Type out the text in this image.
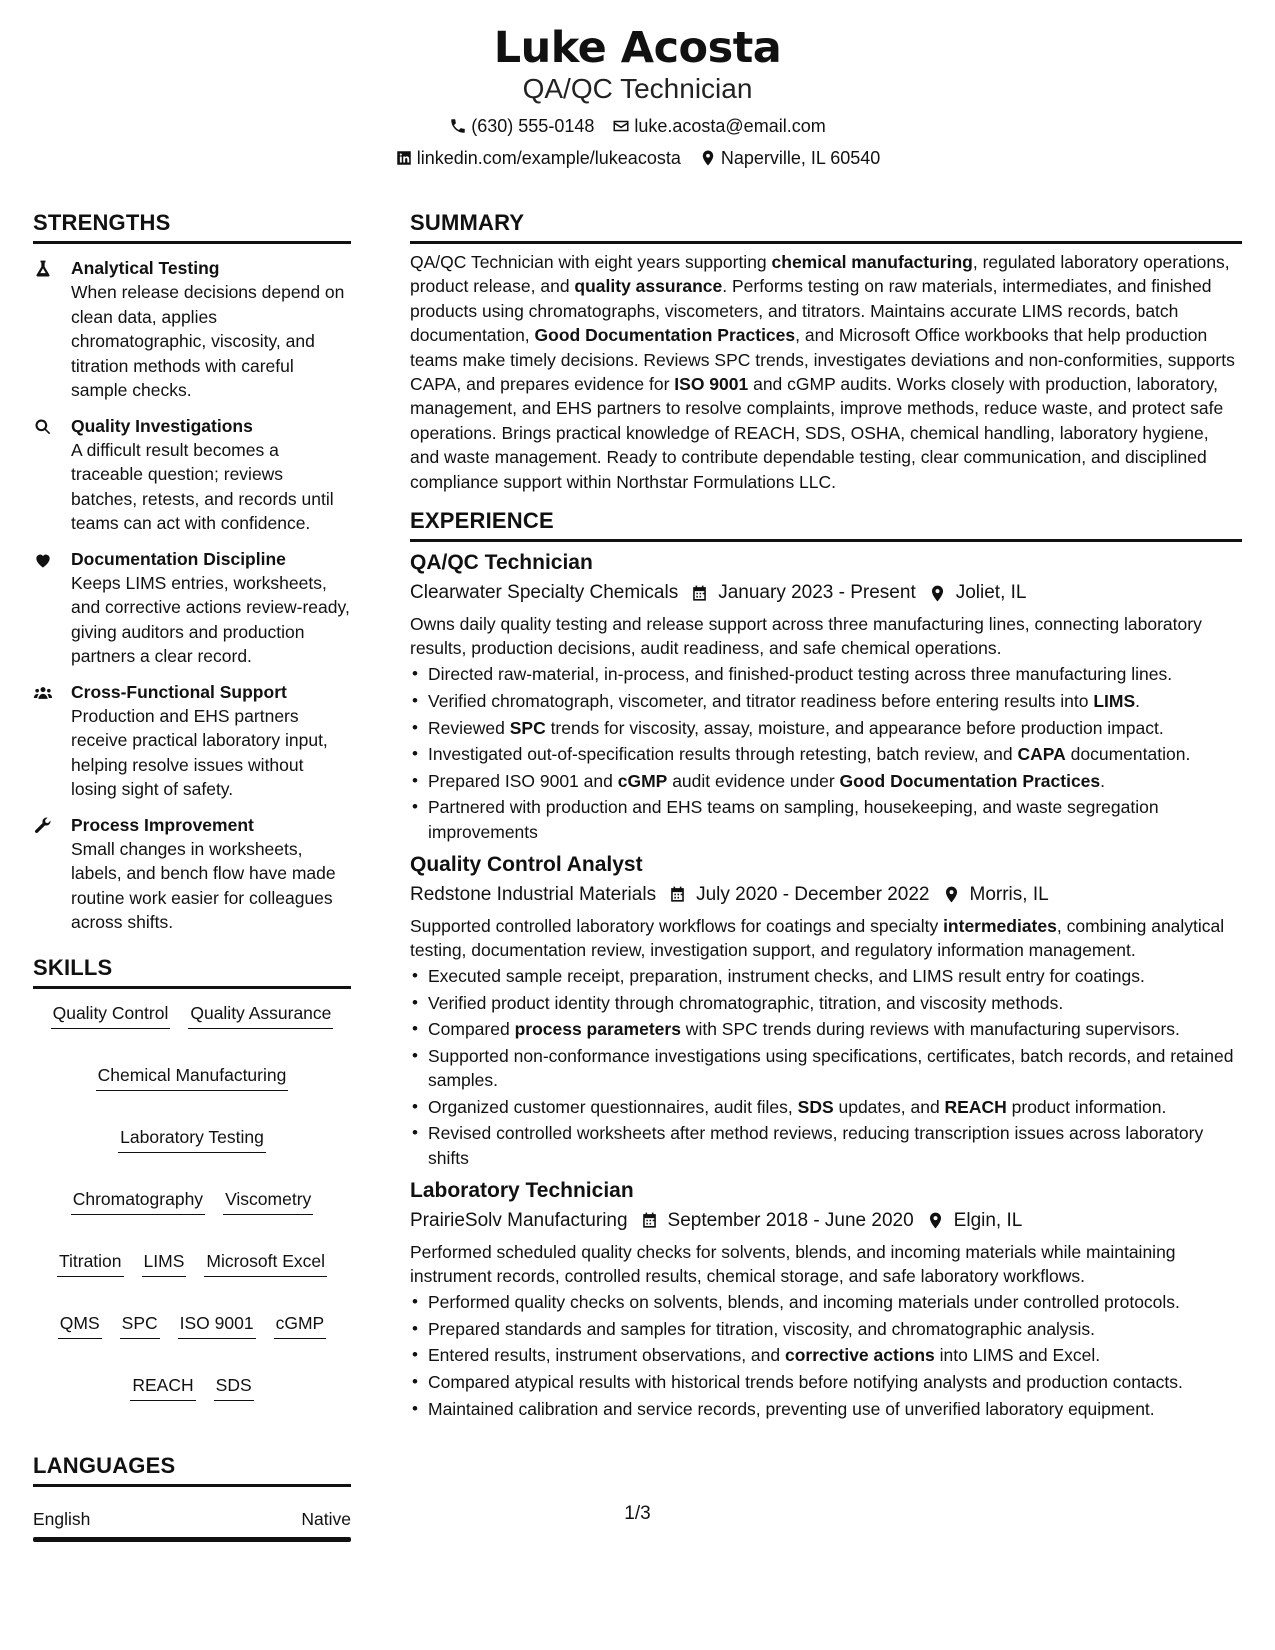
Luke Acosta
QA/QC Technician
(630) 555-0148 luke.acosta@email.com
linkedin.com/example/lukeacosta Naperville, IL 60540
STRENGTHS
Analytical Testing
When release decisions depend on clean data, applies chromatographic, viscosity, and titration methods with careful sample checks.
Quality Investigations
A difficult result becomes a traceable question; reviews batches, retests, and records until teams can act with confidence.
Documentation Discipline
Keeps LIMS entries, worksheets, and corrective actions review-ready, giving auditors and production partners a clear record.
Cross-Functional Support
Production and EHS partners receive practical laboratory input, helping resolve issues without losing sight of safety.
Process Improvement
Small changes in worksheets, labels, and bench flow have made routine work easier for colleagues across shifts.
SKILLS
Quality Control Quality Assurance
Chemical Manufacturing
Laboratory Testing
Chromatography Viscometry
Titration LIMS Microsoft Excel
QMS SPC ISO 9001 cGMP
REACH SDS
LANGUAGES
English	Native
SUMMARY
QA/QC Technician with eight years supporting chemical manufacturing, regulated laboratory operations, product release, and quality assurance. Performs testing on raw materials, intermediates, and finished products using chromatographs, viscometers, and titrators. Maintains accurate LIMS records, batch documentation, Good Documentation Practices, and Microsoft Office workbooks that help production teams make timely decisions. Reviews SPC trends, investigates deviations and non-conformities, supports CAPA, and prepares evidence for ISO 9001 and cGMP audits. Works closely with production, laboratory, management, and EHS partners to resolve complaints, improve methods, reduce waste, and protect safe operations. Brings practical knowledge of REACH, SDS, OSHA, chemical handling, laboratory hygiene, and waste management. Ready to contribute dependable testing, clear communication, and disciplined compliance support within Northstar Formulations LLC.
EXPERIENCE
QA/QC Technician
Clearwater Specialty Chemicals January 2023 - Present Joliet, IL
Owns daily quality testing and release support across three manufacturing lines, connecting laboratory results, production decisions, audit readiness, and safe chemical operations.
• Directed raw-material, in-process, and finished-product testing across three manufacturing lines.
• Verified chromatograph, viscometer, and titrator readiness before entering results into LIMS.
• Reviewed SPC trends for viscosity, assay, moisture, and appearance before production impact.
• Investigated out-of-specification results through retesting, batch review, and CAPA documentation.
• Prepared ISO 9001 and cGMP audit evidence under Good Documentation Practices.
• Partnered with production and EHS teams on sampling, housekeeping, and waste segregation improvements
Quality Control Analyst
Redstone Industrial Materials July 2020 - December 2022 Morris, IL
Supported controlled laboratory workflows for coatings and specialty intermediates, combining analytical testing, documentation review, investigation support, and regulatory information management.
• Executed sample receipt, preparation, instrument checks, and LIMS result entry for coatings.
• Verified product identity through chromatographic, titration, and viscosity methods.
• Compared process parameters with SPC trends during reviews with manufacturing supervisors.
• Supported non-conformance investigations using specifications, certificates, batch records, and retained samples.
• Organized customer questionnaires, audit files, SDS updates, and REACH product information.
• Revised controlled worksheets after method reviews, reducing transcription issues across laboratory shifts
Laboratory Technician
PrairieSolv Manufacturing September 2018 - June 2020 Elgin, IL
Performed scheduled quality checks for solvents, blends, and incoming materials while maintaining instrument records, controlled results, chemical storage, and safe laboratory workflows.
• Performed quality checks on solvents, blends, and incoming materials under controlled protocols.
• Prepared standards and samples for titration, viscosity, and chromatographic analysis.
• Entered results, instrument observations, and corrective actions into LIMS and Excel.
• Compared atypical results with historical trends before notifying analysts and production contacts.
• Maintained calibration and service records, preventing use of unverified laboratory equipment.
1/3
